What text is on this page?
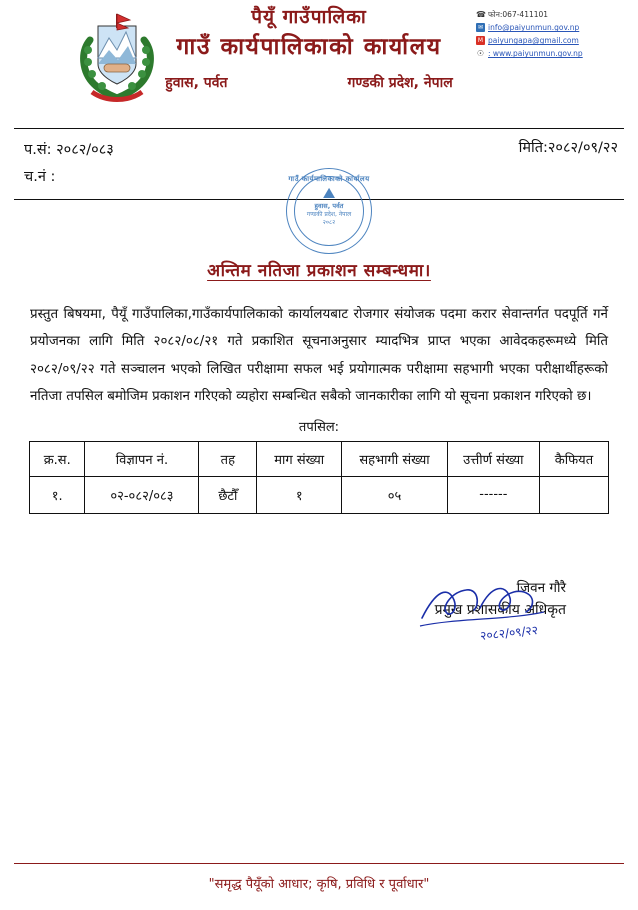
पैयूँ गाउँपालिका
गाउँ कार्यपालिकाको कार्यालय
हुवास, पर्वत	गण्डकी प्रदेश, नेपाल
☎ फोन:067-411101
✉ info@paiyunmun.gov.np
M paiyungapa@gmail.com
☉ : www.paiyunmun.gov.np
प.सं: २०८२/०८३
च.नं :
मिति:२०८२/०९/२२
गाउँ कार्यपालिकाको कार्यालय
⛰
हुवास, पर्वत
गण्डकी प्रदेश, नेपाल
२०८२
अन्तिम नतिजा प्रकाशन सम्बन्धमा।
प्रस्तुत बिषयमा, पैयूँ गाउँपालिका,गाउँकार्यपालिकाको कार्यालयबाट रोजगार संयोजक पदमा करार सेवान्तर्गत पदपूर्ति गर्ने प्रयोजनका लागि मिति २०८२/०८/२१ गते प्रकाशित सूचनाअनुसार म्यादभित्र प्राप्त भएका आवेदकहरूमध्ये मिति २०८२/०९/२२ गते सञ्चालन भएको लिखित परीक्षामा सफल भई प्रयोगात्मक परीक्षामा सहभागी भएका परीक्षार्थीहरूको नतिजा तपसिल बमोजिम प्रकाशन गरिएको व्यहोरा सम्बन्धित सबैको जानकारीका लागि यो सूचना प्रकाशन गरिएको छ।
तपसिल:
क्र.स.	विज्ञापन नं.	तह	माग संख्या	सहभागी संख्या	उत्तीर्ण संख्या	कैफियत
१.	०२-०८२/०८३	छैटौँ	१	०५	------	
२०८२/०९/२२
जिवन गौरै
प्रमुख प्रशासकीय अधिकृत
"समृद्ध पैयूँको आधार; कृषि, प्रविधि र पूर्वाधार"
